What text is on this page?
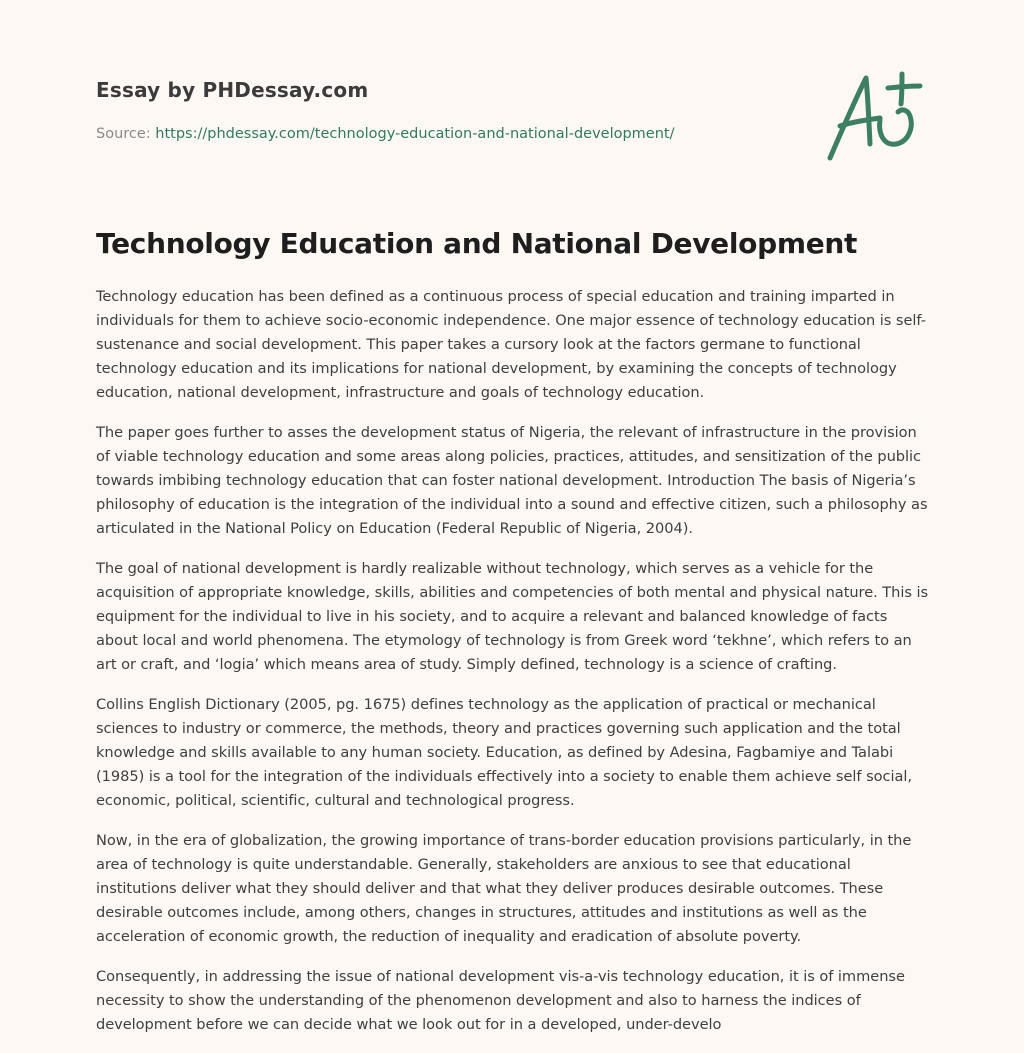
Essay by PHDessay.com
Source: https://phdessay.com/technology-education-and-national-development/
Technology Education and National Development

Technology education has been defined as a continuous process of special education and training imparted in individuals for them to achieve socio-economic independence. One major essence of technology education is self-sustenance and social development. This paper takes a cursory look at the factors germane to functional technology education and its implications for national development, by examining the concepts of technology education, national development, infrastructure and goals of technology education.

The paper goes further to asses the development status of Nigeria, the relevant of infrastructure in the provision of viable technology education and some areas along policies, practices, attitudes, and sensitization of the public towards imbibing technology education that can foster national development. Introduction The basis of Nigeria’s philosophy of education is the integration of the individual into a sound and effective citizen, such a philosophy as articulated in the National Policy on Education (Federal Republic of Nigeria, 2004).

The goal of national development is hardly realizable without technology, which serves as a vehicle for the acquisition of appropriate knowledge, skills, abilities and competencies of both mental and physical nature. This is equipment for the individual to live in his society, and to acquire a relevant and balanced knowledge of facts about local and world phenomena. The etymology of technology is from Greek word ‘tekhne’, which refers to an art or craft, and ‘logia’ which means area of study. Simply defined, technology is a science of crafting.

Collins English Dictionary (2005, pg. 1675) defines technology as the application of practical or mechanical sciences to industry or commerce, the methods, theory and practices governing such application and the total knowledge and skills available to any human society. Education, as defined by Adesina, Fagbamiye and Talabi (1985) is a tool for the integration of the individuals effectively into a society to enable them achieve self social, economic, political, scientific, cultural and technological progress.

Now, in the era of globalization, the growing importance of trans-border education provisions particularly, in the area of technology is quite understandable. Generally, stakeholders are anxious to see that educational institutions deliver what they should deliver and that what they deliver produces desirable outcomes. These desirable outcomes include, among others, changes in structures, attitudes and institutions as well as the acceleration of economic growth, the reduction of inequality and eradication of absolute poverty.

Consequently, in addressing the issue of national development vis-a-vis technology education, it is of immense necessity to show the understanding of the phenomenon development and also to harness the indices of development before we can decide what we look out for in a developed, under-develo
